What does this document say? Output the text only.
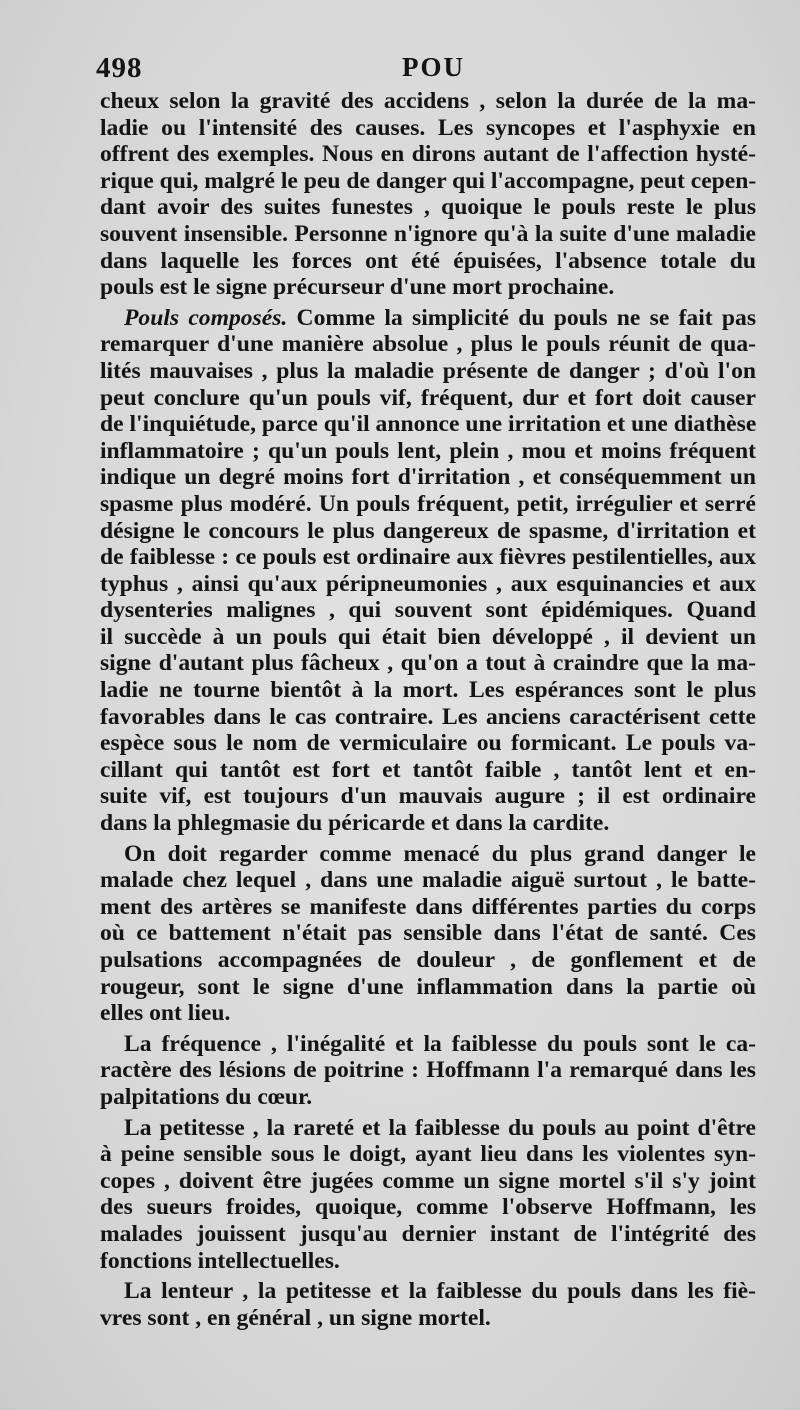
498	POU
cheux selon la gravité des accidens , selon la durée de la ma-
ladie ou l'intensité des causes. Les syncopes et l'asphyxie en
offrent des exemples. Nous en dirons autant de l'affection hysté-
rique qui, malgré le peu de danger qui l'accompagne, peut cepen-
dant avoir des suites funestes , quoique le pouls reste le plus
souvent insensible. Personne n'ignore qu'à la suite d'une maladie
dans laquelle les forces ont été épuisées, l'absence totale du
pouls est le signe précurseur d'une mort prochaine.
Pouls composés. Comme la simplicité du pouls ne se fait pas
remarquer d'une manière absolue , plus le pouls réunit de qua-
lités mauvaises , plus la maladie présente de danger ; d'où l'on
peut conclure qu'un pouls vif, fréquent, dur et fort doit causer
de l'inquiétude, parce qu'il annonce une irritation et une diathèse
inflammatoire ; qu'un pouls lent, plein , mou et moins fréquent
indique un degré moins fort d'irritation , et conséquemment un
spasme plus modéré. Un pouls fréquent, petit, irrégulier et serré
désigne le concours le plus dangereux de spasme, d'irritation et
de faiblesse : ce pouls est ordinaire aux fièvres pestilentielles, aux
typhus , ainsi qu'aux péripneumonies , aux esquinancies et aux
dysenteries malignes , qui souvent sont épidémiques. Quand
il succède à un pouls qui était bien développé , il devient un
signe d'autant plus fâcheux , qu'on a tout à craindre que la ma-
ladie ne tourne bientôt à la mort. Les espérances sont le plus
favorables dans le cas contraire. Les anciens caractérisent cette
espèce sous le nom de vermiculaire ou formicant. Le pouls va-
cillant qui tantôt est fort et tantôt faible , tantôt lent et en-
suite vif, est toujours d'un mauvais augure ; il est ordinaire
dans la phlegmasie du péricarde et dans la cardite.
On doit regarder comme menacé du plus grand danger le
malade chez lequel , dans une maladie aiguë surtout , le batte-
ment des artères se manifeste dans différentes parties du corps
où ce battement n'était pas sensible dans l'état de santé. Ces
pulsations accompagnées de douleur , de gonflement et de
rougeur, sont le signe d'une inflammation dans la partie où
elles ont lieu.
La fréquence , l'inégalité et la faiblesse du pouls sont le ca-
ractère des lésions de poitrine : Hoffmann l'a remarqué dans les
palpitations du cœur.
La petitesse , la rareté et la faiblesse du pouls au point d'être
à peine sensible sous le doigt, ayant lieu dans les violentes syn-
copes , doivent être jugées comme un signe mortel s'il s'y joint
des sueurs froides, quoique, comme l'observe Hoffmann, les
malades jouissent jusqu'au dernier instant de l'intégrité des
fonctions intellectuelles.
La lenteur , la petitesse et la faiblesse du pouls dans les fiè-
vres sont , en général , un signe mortel.
